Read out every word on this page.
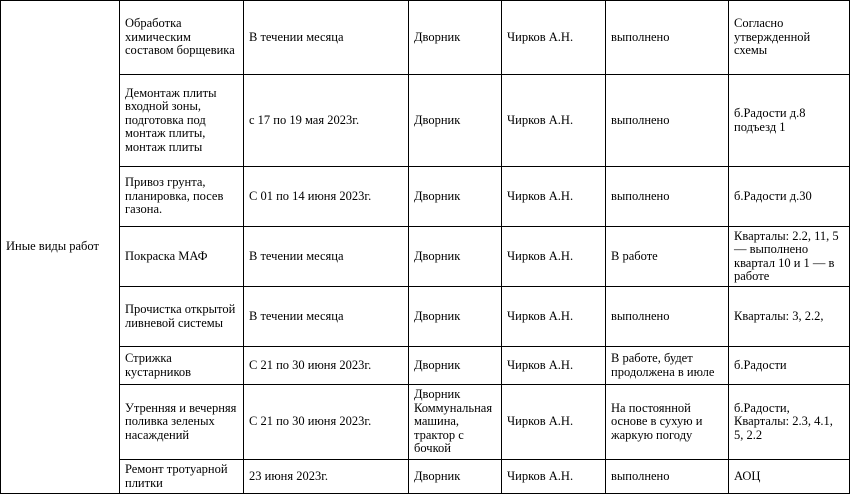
Иные виды работ	Обработка химическим составом борщевика	В течении месяца	Дворник	Чирков А.Н.	выполнено	Согласно утвержденной схемы
	Демонтаж плиты входной зоны, подготовка под монтаж плиты, монтаж плиты	с 17 по 19 мая 2023г.	Дворник	Чирков А.Н.	выполнено	б.Радости д.8 подъезд 1
	Привоз грунта, планировка, посев газона.	С 01 по 14 июня 2023г.	Дворник	Чирков А.Н.	выполнено	б.Радости д.30
	Покраска МАФ	В течении месяца	Дворник	Чирков А.Н.	В работе	Кварталы: 2.2, 11, 5 — выполнено квартал 10 и 1 — в работе
	Прочистка открытой ливневой системы	В течении месяца	Дворник	Чирков А.Н.	выполнено	Кварталы: 3, 2.2,
	Стрижка кустарников	С 21 по 30 июня 2023г.	Дворник	Чирков А.Н.	В работе, будет продолжена в июле	б.Радости
	Утренняя и вечерняя поливка зеленых насаждений	С 21 по 30 июня 2023г.	Дворник Коммунальная машина, трактор с бочкой	Чирков А.Н.	На постоянной основе в сухую и жаркую погоду	б.Радости, Кварталы: 2.3, 4.1, 5, 2.2
	Ремонт тротуарной плитки	23 июня 2023г.	Дворник	Чирков А.Н.	выполнено	АОЦ
